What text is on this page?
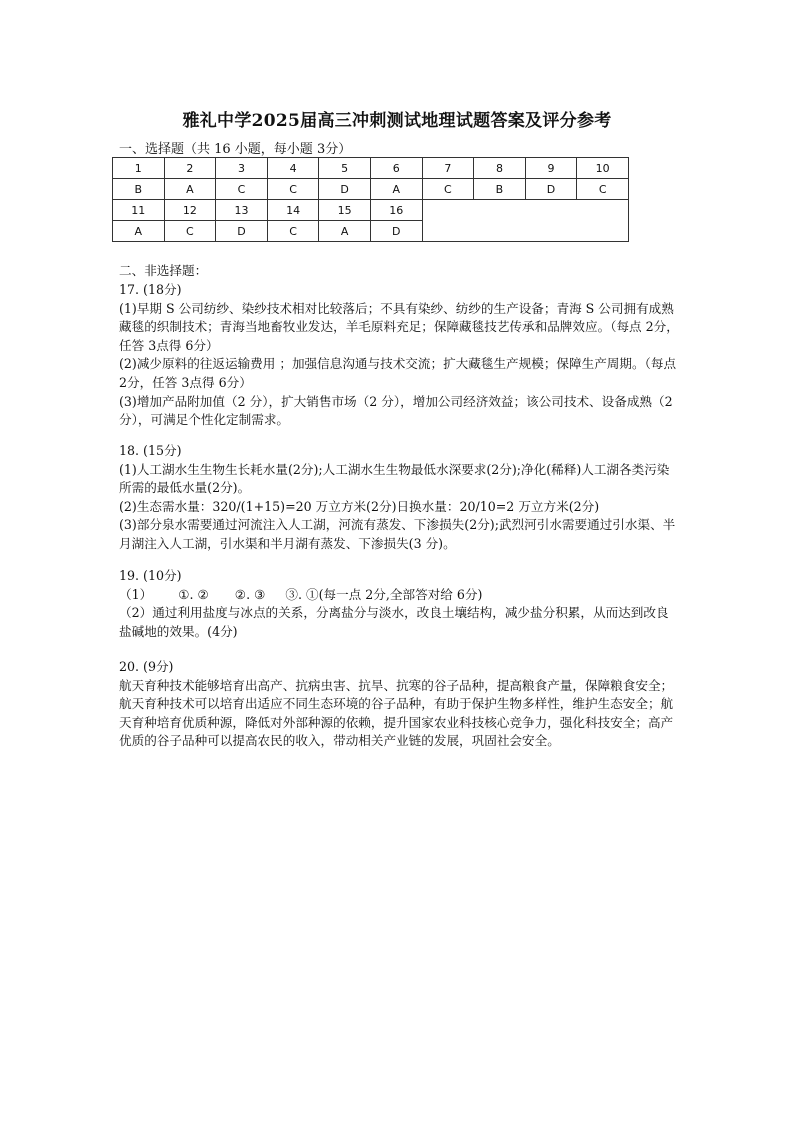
雅礼中学2025届高三冲刺测试地理试题答案及评分参考
一、选择题（共 16 小题，每小题 3分）
1	2	3	4	5	6	7	8	9	10
B	A	C	C	D	A	C	B	D	C
11	12	13	14	15	16				
A	C	D	C	A	D				
二、非选择题：

17. (18分)

(1)早期 S 公司纺纱、染纱技术相对比较落后；不具有染纱、纺纱的生产设备；青海 S 公司拥有成熟藏毯的织制技术；青海当地畜牧业发达，羊毛原料充足；保障藏毯技艺传承和品牌效应。（每点 2分，任答 3点得 6分）

(2)减少原料的往返运输费用 ；加强信息沟通与技术交流；扩大藏毯生产规模；保障生产周期。（每点 2分，任答 3点得 6分）

(3)增加产品附加值（2 分），扩大销售市场（2 分），增加公司经济效益；该公司技术、设备成熟（2 分），可满足个性化定制需求。

18. (15分)

(1)人工湖水生生物生长耗水量(2分);人工湖水生生物最低水深要求(2分);净化(稀释)人工湖各类污染所需的最低水量(2分)。

(2)生态需水量：320/(1+15)=20 万立方米(2分)日换水量：20/10=2 万立方米(2分)

(3)部分泉水需要通过河流注入人工湖，河流有蒸发、下渗损失(2分);武烈河引水需要通过引水渠、半月湖注入人工湖，引水渠和半月湖有蒸发、下渗损失(3 分)。

19. (10分)

（1） ①. ② ②. ③ ③. ①(每一点 2分,全部答对给 6分)

（2）通过利用盐度与冰点的关系，分离盐分与淡水，改良土壤结构，减少盐分积累，从而达到改良盐碱地的效果。(4分)

20. (9分)

航天育种技术能够培育出高产、抗病虫害、抗旱、抗寒的谷子品种，提高粮食产量，保障粮食安全；航天育种技术可以培育出适应不同生态环境的谷子品种，有助于保护生物多样性，维护生态安全；航天育种培育优质种源，降低对外部种源的依赖，提升国家农业科技核心竞争力，强化科技安全；高产优质的谷子品种可以提高农民的收入，带动相关产业链的发展，巩固社会安全。
